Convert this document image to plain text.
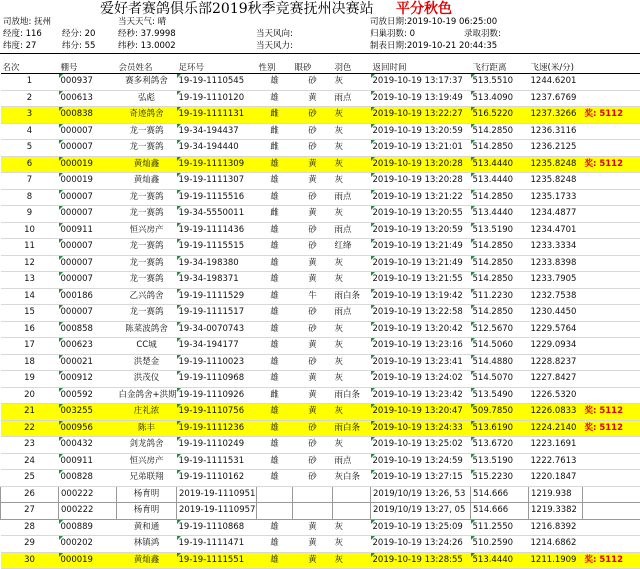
爱好者赛鸽俱乐部2019秋季竞赛抚州决赛站 平分秋色
司放地: 抚州	当天天气: 晴	司放日期:2019-10-19 06:25:00
经度: 116 经分: 20	经秒: 37.9998	当天风向:	归巢羽数: 0	录取羽数:
纬度: 27	纬分: 55	纬秒: 13.0002	当天风力:	制表日期:2019-10-21 20:44:35
名次	棚号	会员姓名	足环号	性别	眼砂	羽色	返回时间	飞行距离	飞速(米/分)	
1	000937	赛多利鸽舍	19-19-1110545	雄	砂	灰	2019-10-19 13:17:37	513.5510	1244.6201	
2	000613	弘彪	19-19-1110120	雄	黄	雨点	2019-10-19 13:19:49	513.4090	1237.6769	
3	000838	奇迹鸽舍	19-19-1111131	雌	砂	灰	2019-10-19 13:22:27	516.5220	1237.3266	奖: 5112
4	000007	龙一赛鸽	19-34-194437	雌	砂	灰	2019-10-19 13:20:59	514.2850	1236.3116	
5	000007	龙一赛鸽	19-34-194440	雌	砂	灰	2019-10-19 13:21:01	514.2850	1236.2125	
6	000019	黄灿鑫	19-19-1111309	雄	黄	灰	2019-10-19 13:20:28	513.4440	1235.8248	奖: 5112
7	000019	黄灿鑫	19-19-1111307	雄	黄	灰	2019-10-19 13:20:28	513.4440	1235.8248	
8	000007	龙一赛鸽	19-19-1115516	雄	砂	雨点	2019-10-19 13:21:22	514.2850	1235.1733	
9	000007	龙一赛鸽	19-34-5550011	雌	黄	灰	2019-10-19 13:20:55	513.4440	1234.4877	
10	000911	恒兴房产	19-19-1111436	雄	砂	雨点	2019-10-19 13:20:59	513.5190	1234.4701	
11	000007	龙一赛鸽	19-19-1115515	雄	砂	红绛	2019-10-19 13:21:49	514.2850	1233.3334	
12	000007	龙一赛鸽	19-34-198380	雄	黄	灰	2019-10-19 13:21:49	514.2850	1233.8398	
13	000007	龙一赛鸽	19-34-198371	雄	黄	灰	2019-10-19 13:21:55	514.2850	1233.7905	
14	000186	乙兴鸽舍	19-19-1111529	雄	牛	雨白条	2019-10-19 13:19:42	511.2230	1232.7538	
15	000007	龙一赛鸽	19-19-1111517	雄	砂	雨点	2019-10-19 13:22:58	514.2850	1230.4450	
16	000858	陈菜波鸽舍	19-34-0070743	雄	砂	灰	2019-10-19 13:20:42	512.5670	1229.5764	
17	000623	CC城	19-34-194177	雄	黄	灰	2019-10-19 13:23:16	514.5060	1229.0934	
18	000021	洪楚金	19-19-1110023	雄	砂	灰	2019-10-19 13:23:41	514.4880	1228.8237	
19	000912	洪茂仪	19-19-1110968	雄	黄	灰	2019-10-19 13:24:02	514.5070	1227.8427	
20	000592	白金鸽舍+洪期	19-19-1110926	雌	黄	雨白条	2019-10-19 13:23:42	513.5490	1226.5320	
21	003255	庄礼浓	19-19-1110756	雄	黄	灰	2019-10-19 13:20:47	509.7850	1226.0833	奖: 5112
22	000956	陈丰	19-19-1111236	雄	砂	雨白条	2019-10-19 13:24:33	513.6190	1224.2140	奖: 5112
23	000432	剑龙鸽舍	19-19-1110249	雄	砂	灰	2019-10-19 13:25:02	513.6720	1223.1691	
24	000911	恒兴房产	19-19-1111531	雄	砂	雨点	2019-10-19 13:24:59	513.5190	1222.7613	
25	000828	兄弟联翔	19-19-1110162	雄	砂	灰白条	2019-10-19 13:27:15	515.2230	1220.1847	
26	000222	杨育明	2019-19-1110951				2019/10/19 13:26, 53	514.666	1219.938	
27	000222	杨育明	2019-19-1110957				2019/10/19 13:27, 05	514.666	1219.3382	
28	000889	黄和通	19-19-1110868	雄	黄	灰	2019-10-19 13:25:09	511.2550	1216.8392	
29	000202	林镇鸿	19-19-1111471	雄	黄	灰	2019-10-19 13:24:26	510.2590	1214.6862	
30	000019	黄灿鑫	19-19-1111551	雄	黄	灰	2019-10-19 13:28:55	513.4440	1211.1909	奖: 5112
